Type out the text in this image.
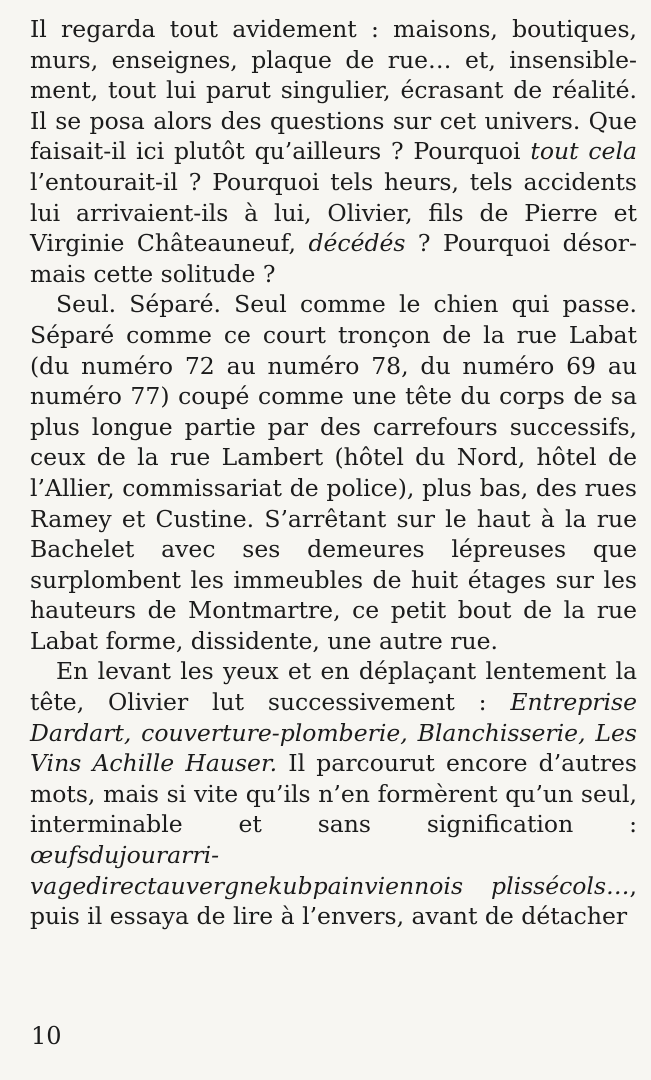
Il regarda tout avidement : maisons, boutiques, murs, enseignes, plaque de rue… et, insensiblement, tout lui parut singulier, écrasant de réalité. Il se posa alors des questions sur cet univers. Que faisait-il ici plutôt qu’ailleurs ? Pourquoi tout cela l’entourait-il ? Pourquoi tels heurs, tels accidents lui arrivaient-ils à lui, Olivier, fils de Pierre et Virginie Châteauneuf, décédés ? Pourquoi désormais cette solitude ?

Seul. Séparé. Seul comme le chien qui passe. Séparé comme ce court tronçon de la rue Labat (du numéro 72 au numéro 78, du numéro 69 au numéro 77) coupé comme une tête du corps de sa plus longue partie par des carrefours successifs, ceux de la rue Lambert (hôtel du Nord, hôtel de l’Allier, commissariat de police), plus bas, des rues Ramey et Custine. S’arrêtant sur le haut à la rue Bachelet avec ses demeures lépreuses que surplombent les immeubles de huit étages sur les hauteurs de Montmartre, ce petit bout de la rue Labat forme, dissidente, une autre rue.

En levant les yeux et en déplaçant lentement la tête, Olivier lut successivement : Entreprise Dardart, couverture-plomberie, Blanchisserie, Les Vins Achille Hauser. Il parcourut encore d’autres mots, mais si vite qu’ils n’en formèrent qu’un seul, interminable et sans signification : œufsdujourarrivagedirectauvergnekubpainviennois plissécols…, puis il essaya de lire à l’envers, avant de détacher

10
